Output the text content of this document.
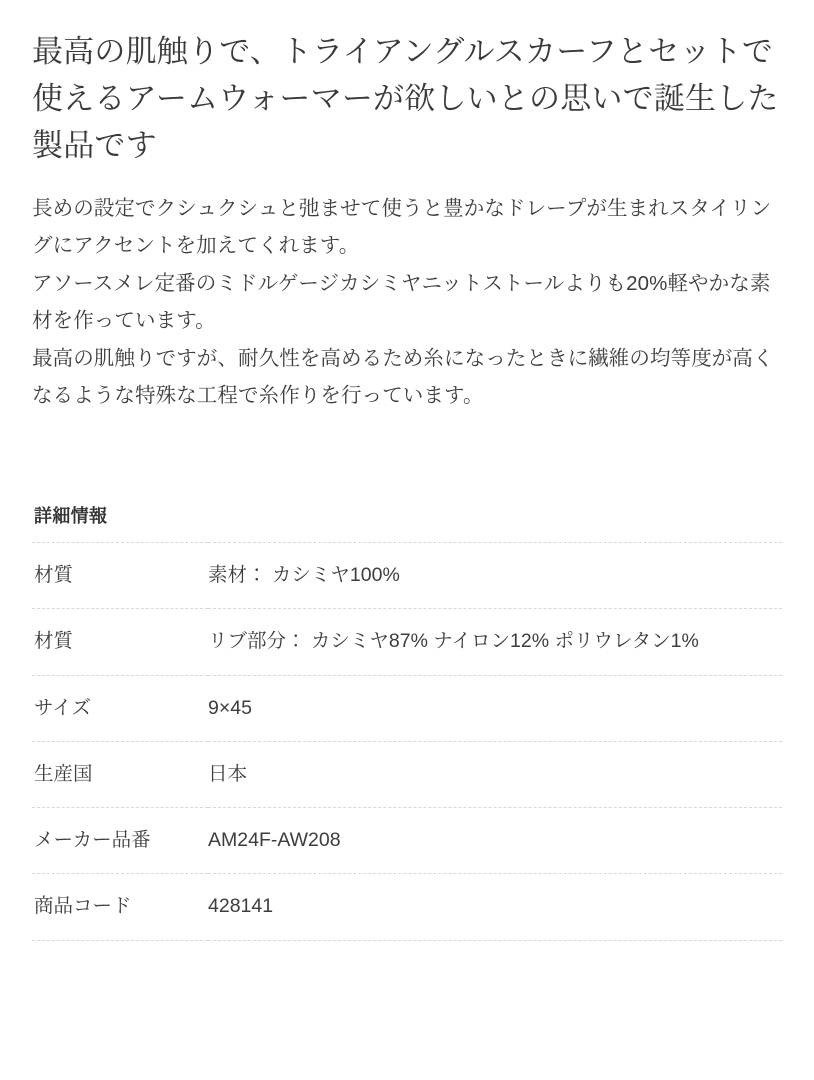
最高の肌触りで、トライアングルスカーフとセットで使えるアームウォーマーが欲しいとの思いで誕生した製品です

長めの設定でクシュクシュと弛ませて使うと豊かなドレープが生まれスタイリングにアクセントを加えてくれます。

アソースメレ定番のミドルゲージカシミヤニットストールよりも20%軽やかな素材を作っています。

最高の肌触りですが、耐久性を高めるため糸になったときに繊維の均等度が高くなるような特殊な工程で糸作りを行っています。

詳細情報
材質	素材： カシミヤ100%
材質	リブ部分： カシミヤ87% ナイロン12% ポリウレタン1%
サイズ	9×45
生産国	日本
メーカー品番	AM24F-AW208
商品コード	428141
